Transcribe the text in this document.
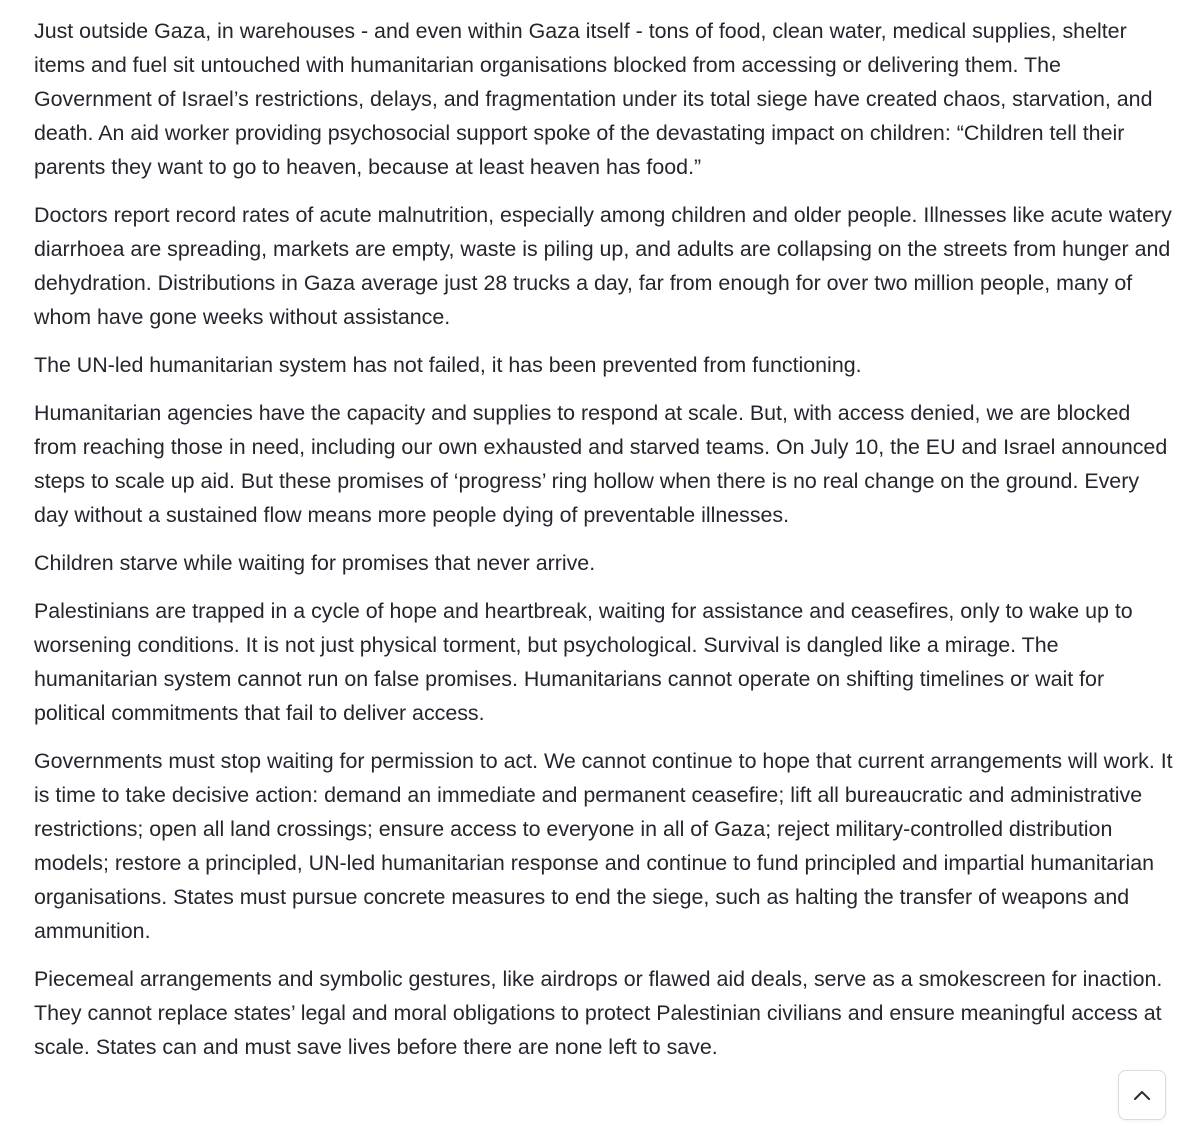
Just outside Gaza, in warehouses - and even within Gaza itself - tons of food, clean water, medical supplies, shelter items and fuel sit untouched with humanitarian organisations blocked from accessing or delivering them. The Government of Israel’s restrictions, delays, and fragmentation under its total siege have created chaos, starvation, and death. An aid worker providing psychosocial support spoke of the devastating impact on children: “Children tell their parents they want to go to heaven, because at least heaven has food.”

Doctors report record rates of acute malnutrition, especially among children and older people. Illnesses like acute watery diarrhoea are spreading, markets are empty, waste is piling up, and adults are collapsing on the streets from hunger and dehydration. Distributions in Gaza average just 28 trucks a day, far from enough for over two million people, many of whom have gone weeks without assistance.

The UN-led humanitarian system has not failed, it has been prevented from functioning.

Humanitarian agencies have the capacity and supplies to respond at scale. But, with access denied, we are blocked from reaching those in need, including our own exhausted and starved teams. On July 10, the EU and Israel announced steps to scale up aid. But these promises of ‘progress’ ring hollow when there is no real change on the ground. Every day without a sustained flow means more people dying of preventable illnesses.

Children starve while waiting for promises that never arrive.

Palestinians are trapped in a cycle of hope and heartbreak, waiting for assistance and ceasefires, only to wake up to worsening conditions. It is not just physical torment, but psychological. Survival is dangled like a mirage. The humanitarian system cannot run on false promises. Humanitarians cannot operate on shifting timelines or wait for political commitments that fail to deliver access.

Governments must stop waiting for permission to act. We cannot continue to hope that current arrangements will work. It is time to take decisive action: demand an immediate and permanent ceasefire; lift all bureaucratic and administrative restrictions; open all land crossings; ensure access to everyone in all of Gaza; reject military-controlled distribution models; restore a principled, UN-led humanitarian response and continue to fund principled and impartial humanitarian organisations. States must pursue concrete measures to end the siege, such as halting the transfer of weapons and ammunition.

Piecemeal arrangements and symbolic gestures, like airdrops or flawed aid deals, serve as a smokescreen for inaction. They cannot replace states’ legal and moral obligations to protect Palestinian civilians and ensure meaningful access at scale. States can and must save lives before there are none left to save.
